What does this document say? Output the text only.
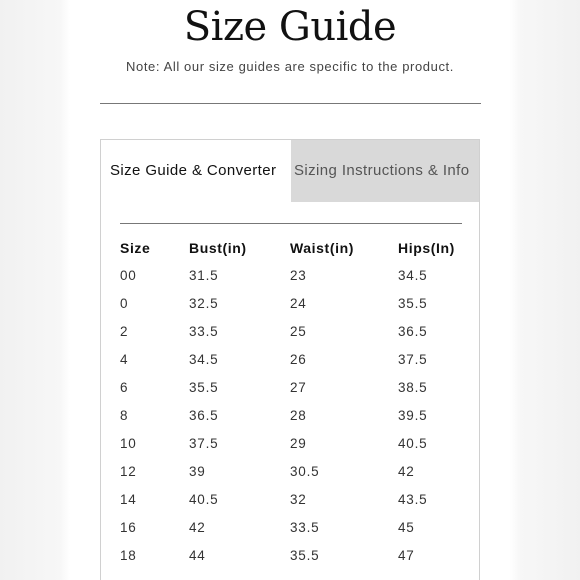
Size Guide
Note: All our size guides are specific to the product.
Size Guide & Converter	Sizing Instructions & Info
Size	Bust(in)	Waist(in)	Hips(In)
00	31.5	23	34.5
0	32.5	24	35.5
2	33.5	25	36.5
4	34.5	26	37.5
6	35.5	27	38.5
8	36.5	28	39.5
10	37.5	29	40.5
12	39	30.5	42
14	40.5	32	43.5
16	42	33.5	45
18	44	35.5	47
